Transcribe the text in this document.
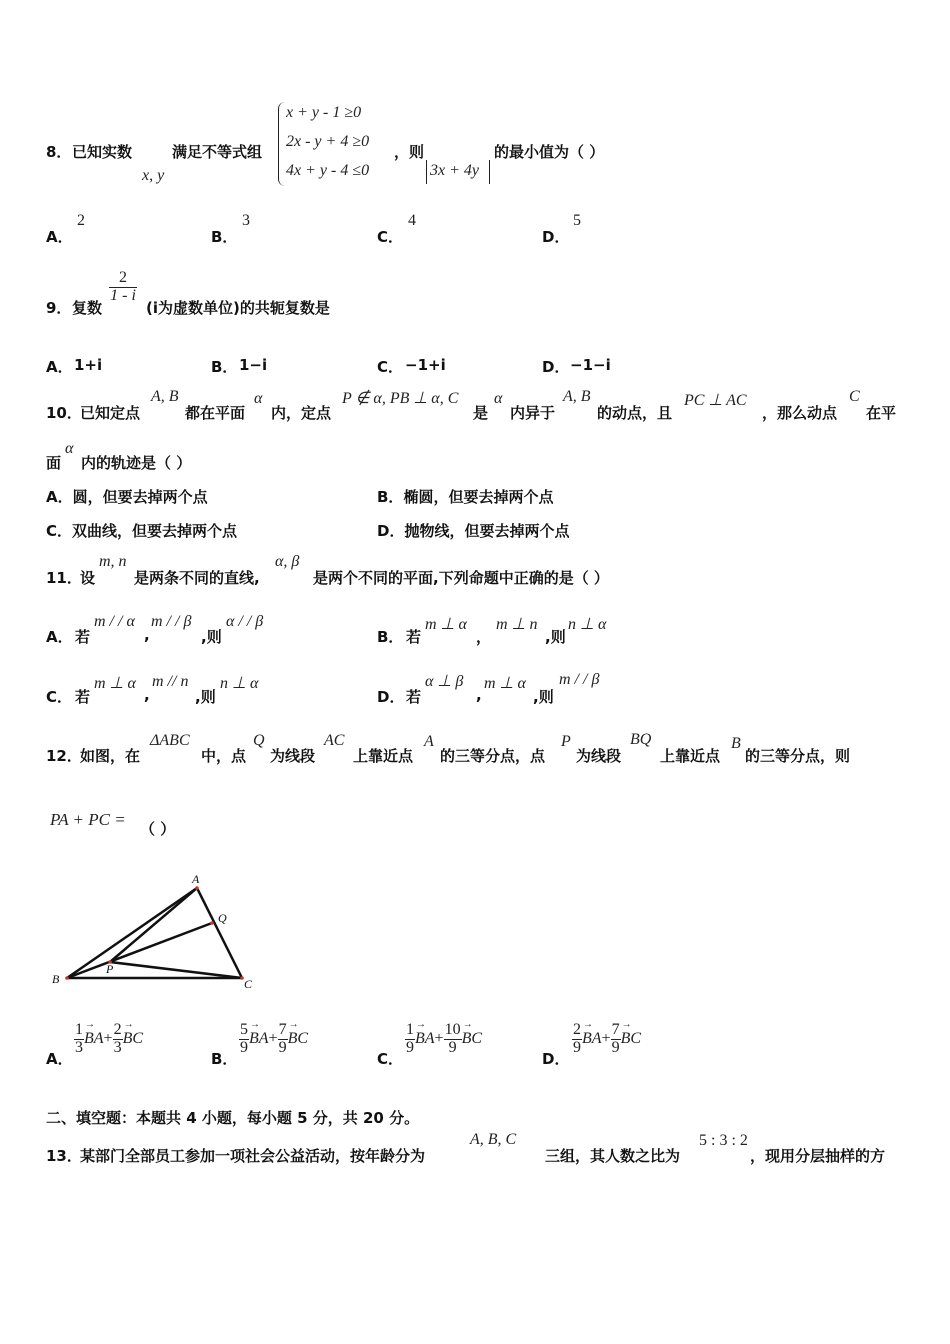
8． 已知实数
x, y
满足不等式组
x + y - 1 ≥0
2x - y + 4 ≥0
4x + y - 4 ≤0
，则
3x + 4y
的最小值为（ ）
A．
2
B．
3
C．
4
D．
5
9． 复数
$\frac{2}{1 - i}$
(i为虚数单位)的共轭复数是
A． 1+i	B． 1−i	C． −1+i	D． −1−i
10．
已知定点
A, B
都在平面
α
内，定点
P ∉ α, PB ⊥ α, C
是
α
内异于
A, B
的动点，且
PC ⊥ AC
，那么动点
C
在平
面
α
内的轨迹是（ ）
A．圆，但要去掉两个点	B．椭圆，但要去掉两个点
C．双曲线，但要去掉两个点	D．抛物线，但要去掉两个点
11．
设
m, n
是两条不同的直线,
α, β
是两个不同的平面,下列命题中正确的是（ ）
A． 若
m / / α
,
m / / β
,则
α / / β
B． 若
m ⊥ α
，
m ⊥ n
,则
n ⊥ α
C． 若
m ⊥ α
,
m // n
,则
n ⊥ α
D． 若
α ⊥ β
,
m ⊥ α
,则
m / / β
12．
如图，在
ΔABC
中，点
Q
为线段
AC
上靠近点
A
的三等分点，点
P
为线段
BQ
上靠近点
B
的三等分点，则
PA + PC = （ ）
A
B	C
P
Q
A．
$\frac{1}{3}$
→ $BA+ \frac{2}{3}$
→ BC
B．
$\frac{5}{9}$
→ $BA+ \frac{7}{9}$
→ BC
C．
$\frac{1}{9}$
→ $BA+ \frac{10}{9}$
→ BC
D．
$\frac{2}{9}$
→ $BA+ \frac{7}{9}$
→ BC
二、填空题：本题共 4 小题，每小题 5 分，共 20 分。
13．
某部门全部员工参加一项社会公益活动，按年龄分为
A, B, C
三组，其人数之比为
5 : 3 : 2
，现用分层抽样的方
